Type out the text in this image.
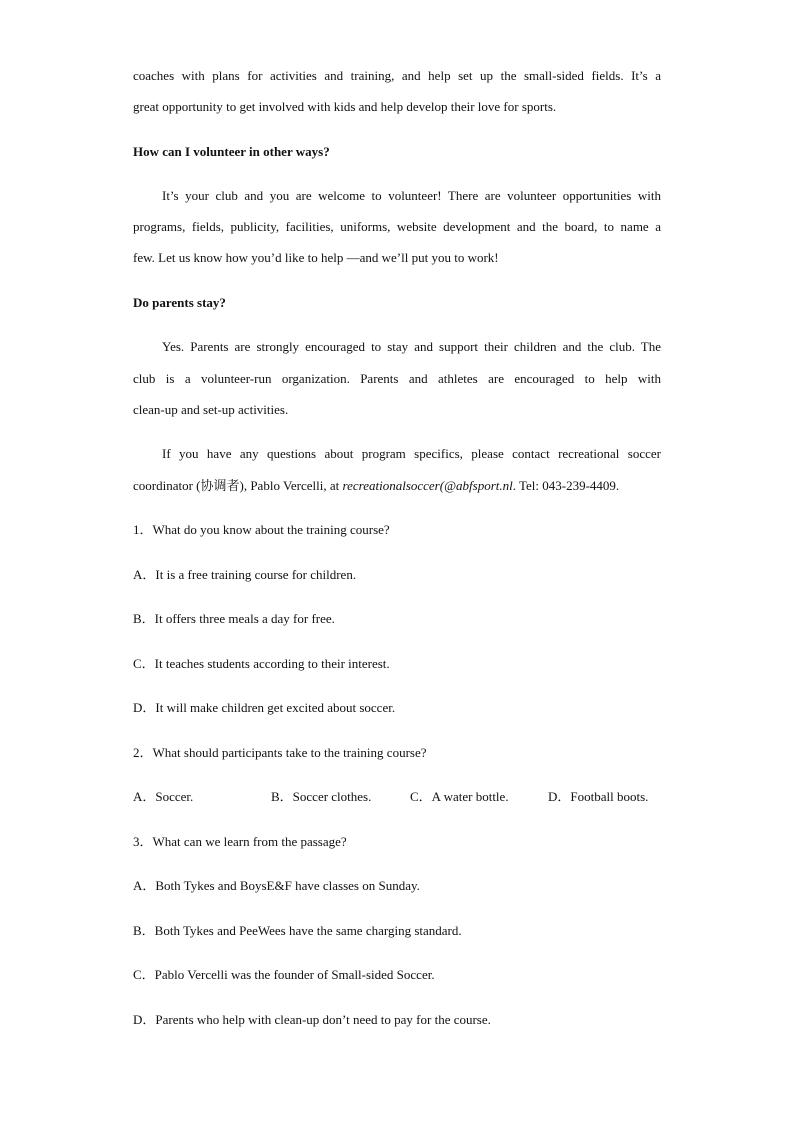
coaches with plans for activities and training, and help set up the small-sided fields. It’s a
great opportunity to get involved with kids and help develop their love for sports.
How can I volunteer in other ways?
It’s your club and you are welcome to volunteer! There are volunteer opportunities with
programs, fields, publicity, facilities, uniforms, website development and the board, to name a
few. Let us know how you’d like to help —and we’ll put you to work!
Do parents stay?
Yes. Parents are strongly encouraged to stay and support their children and the club. The
club is a volunteer-run organization. Parents and athletes are encouraged to help with
clean-up and set-up activities.
If you have any questions about program specifics, please contact recreational soccer
coordinator (协调者), Pablo Vercelli, at recreationalsoccer(@abfsport.nl. Tel: 043-239-4409.
1．What do you know about the training course?
A．It is a free training course for children.
B．It offers three meals a day for free.
C．It teaches students according to their interest.
D．It will make children get excited about soccer.
2．What should participants take to the training course?
A．Soccer.	B．Soccer clothes.	C．A water bottle.	D．Football boots.
3．What can we learn from the passage?
A．Both Tykes and BoysE&F have classes on Sunday.
B．Both Tykes and PeeWees have the same charging standard.
C．Pablo Vercelli was the founder of Small-sided Soccer.
D．Parents who help with clean-up don’t need to pay for the course.
